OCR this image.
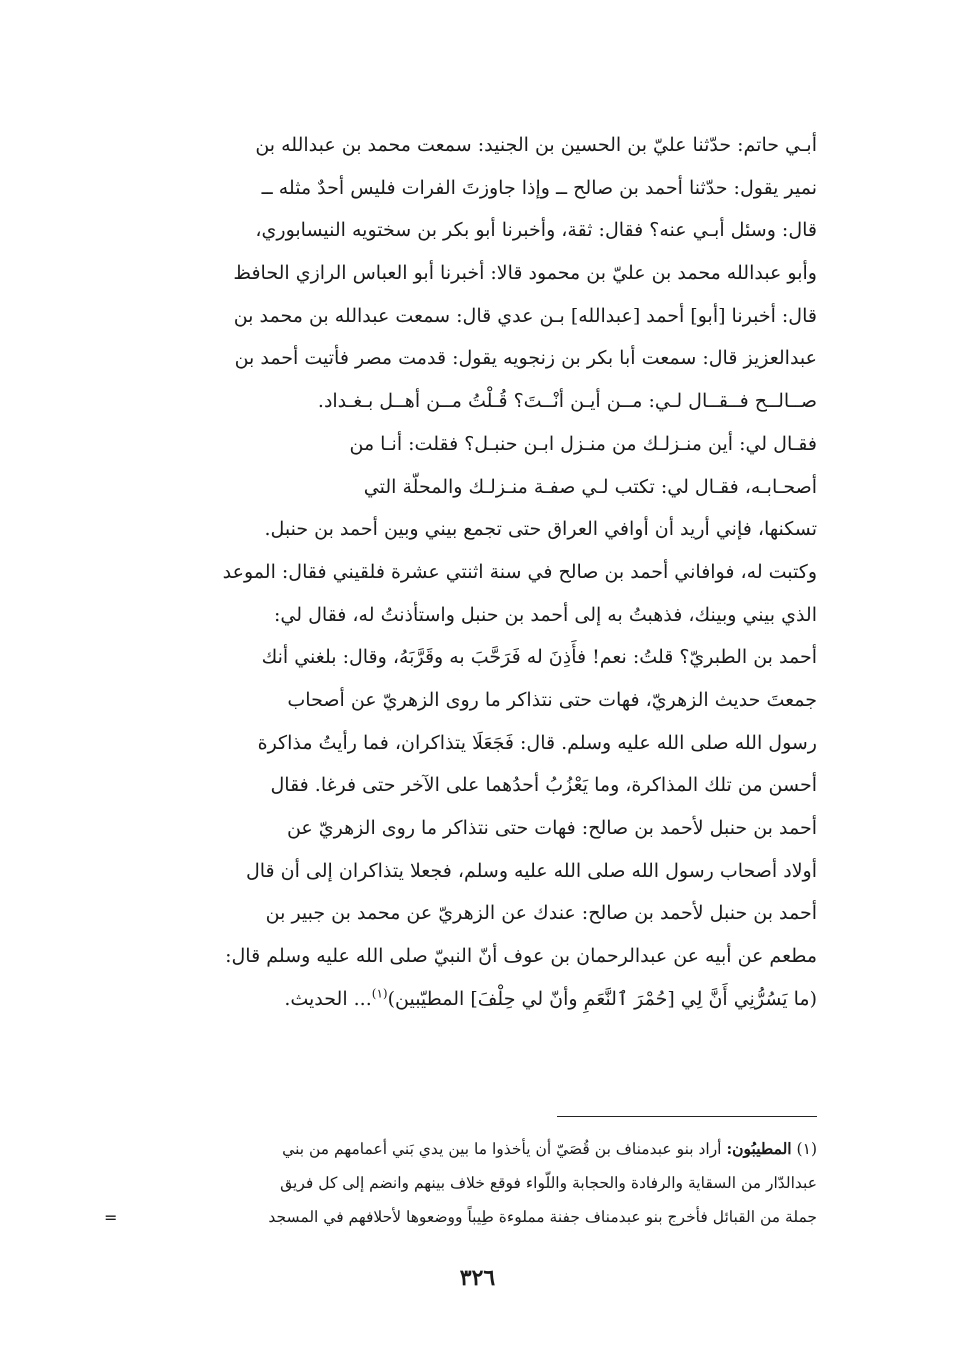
أبـي حاتم: حدّثنا عليّ بن الحسين بن الجنيد: سمعت محمد بن عبدالله بن
نمير يقول: حدّثنا أحمد بن صالح ــ وإذا جاوزتَ الفرات فليس أحدٌ مثله ــ
قال: وسئل أبـي عنه؟ فقال: ثقة، وأخبرنا أبو بكر بن سختويه النيسابوري،
وأبو عبدالله محمد بن عليّ بن محمود قالا: أخبرنا أبو العباس الرازي الحافظ
قال: أخبرنا [أبو] أحمد [عبدالله] بـن عدي قال: سمعت عبدالله بن محمد بن
عبدالعزيز قال: سمعت أبا بكر بن زنجويه يقول: قدمت مصر فأتيت أحمد بن
صــالــح فــقــال لـي: مــن أيـن أنْــتَ؟ قُـلْتُ مــن أهــل بـغـداد.
فقـال لي: أين منـزلـك من منـزل ابـن حنبـل؟ فقلت: أنـا من
أصحـابـه، فقـال لي: تكتب لـي صفـة منـزلـك والمحلّة التي
تسكنها، فإني أريد أن أوافي العراق حتى تجمع بيني وبين أحمد بن حنبل.
وكتبت له، فوافاني أحمد بن صالح في سنة اثنتي عشرة فلقيني فقال: الموعد
الذي بيني وبينك، فذهبتُ به إلى أحمد بن حنبل واستأذنتُ له، فقال لي:
أحمد بن الطبريّ؟ قلتُ: نعم! فأَذِنَ له فَرَحَّبَ به وقَرَّبَهُ، وقال: بلغني أنك
جمعتَ حديث الزهريّ، فهات حتى نتذاكر ما روى الزهريّ عن أصحاب
رسول الله صلى الله عليه وسلم. قال: فَجَعَلَا يتذاكران، فما رأيتُ مذاكرة
أحسن من تلك المذاكرة، وما يَعْزُبُ أحدُهما على الآخر حتى فرغا. فقال
أحمد بن حنبل لأحمد بن صالح: فهات حتى نتذاكر ما روى الزهريّ عن
أولاد أصحاب رسول الله صلى الله عليه وسلم، فجعلا يتذاكران إلى أن قال
أحمد بن حنبل لأحمد بن صالح: عندك عن الزهريّ عن محمد بن جبير بن
مطعم عن أبيه عن عبدالرحمان بن عوف أنّ النبيّ صلى الله عليه وسلم قال:
(ما يَسُرُّنِي أَنَّ لِي [حُمْرَ ٱلنَّعَمِ وأنّ لي حِلْفَ] المطيّبين)$^{(١)}$... الحديث.
(١) المطيبُون: أراد بنو عبدمناف بن قُصَيّ أن يأخذوا ما بين يدي بَني أعمامهم من بني
عبدالدّار من السقاية والرفادة والحجابة واللّواء فوقع خلاف بينهم وانضم إلى كل فريق
جملة من القبائل فأخرج بنو عبدمناف جفنة مملوءة طِيباً ووضعوها لأحلافهم في المسجد
=
٣٢٦
